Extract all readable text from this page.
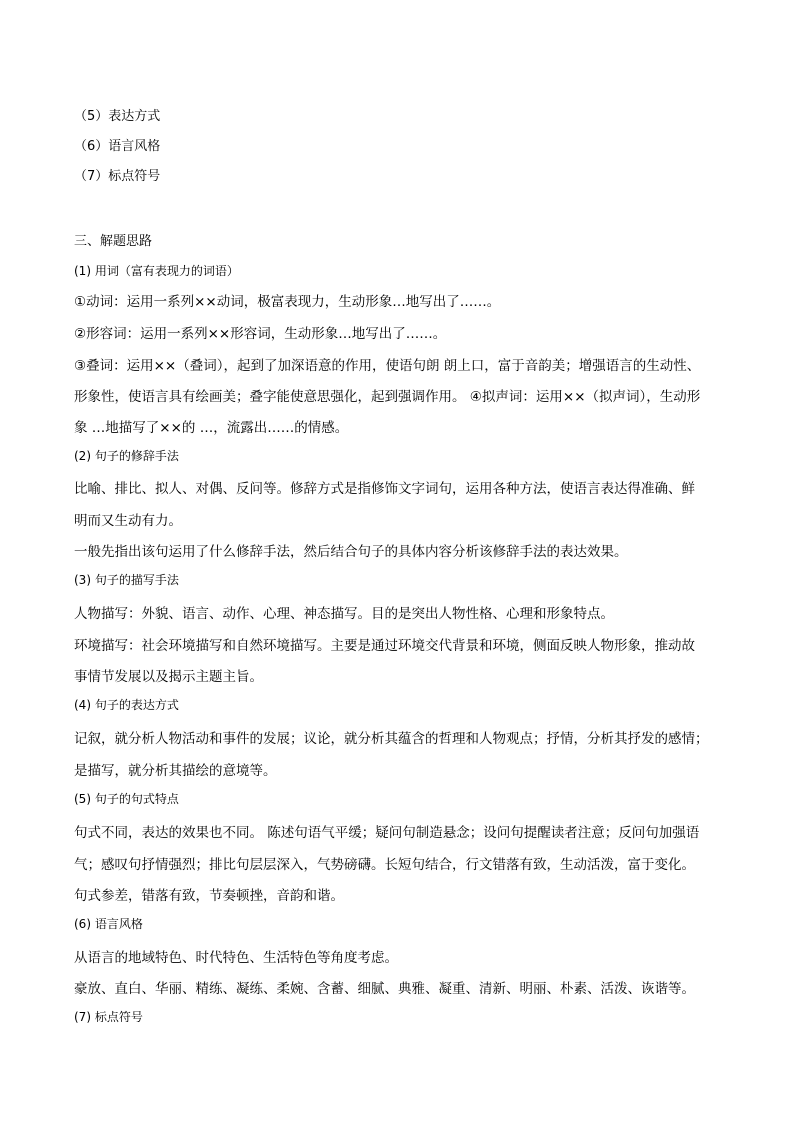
（5）表达方式

（6）语言风格

（7）标点符号

三、解题思路

(1) 用词（富有表现力的词语）

①动词：运用一系列××动词，极富表现力，生动形象…地写出了……。

②形容词：运用一系列××形容词，生动形象…地写出了……。

③叠词：运用××（叠词），起到了加深语意的作用，使语句朗 朗上口，富于音韵美；增强语言的生动性、

形象性，使语言具有绘画美；叠字能使意思强化，起到强调作用。 ④拟声词：运用××（拟声词），生动形

象 …地描写了××的 …，流露出……的情感。

(2) 句子的修辞手法

比喻、排比、拟人、对偶、反问等。修辞方式是指修饰文字词句，运用各种方法，使语言表达得准确、鲜

明而又生动有力。

一般先指出该句运用了什么修辞手法，然后结合句子的具体内容分析该修辞手法的表达效果。

(3) 句子的描写手法

人物描写：外貌、语言、动作、心理、神态描写。目的是突出人物性格、心理和形象特点。

环境描写：社会环境描写和自然环境描写。主要是通过环境交代背景和环境，侧面反映人物形象，推动故

事情节发展以及揭示主题主旨。

(4) 句子的表达方式

记叙，就分析人物活动和事件的发展；议论，就分析其蕴含的哲理和人物观点；抒情，分析其抒发的感情；

是描写，就分析其描绘的意境等。

(5) 句子的句式特点

句式不同，表达的效果也不同。 陈述句语气平缓；疑问句制造悬念；设问句提醒读者注意；反问句加强语

气；感叹句抒情强烈；排比句层层深入，气势磅礴。长短句结合，行文错落有致，生动活泼，富于变化。

句式参差，错落有致，节奏顿挫，音韵和谐。

(6) 语言风格

从语言的地域特色、时代特色、生活特色等角度考虑。

豪放、直白、华丽、精练、凝练、柔婉、含蓄、细腻、典雅、凝重、清新、明丽、朴素、活泼、诙谐等。

(7) 标点符号
